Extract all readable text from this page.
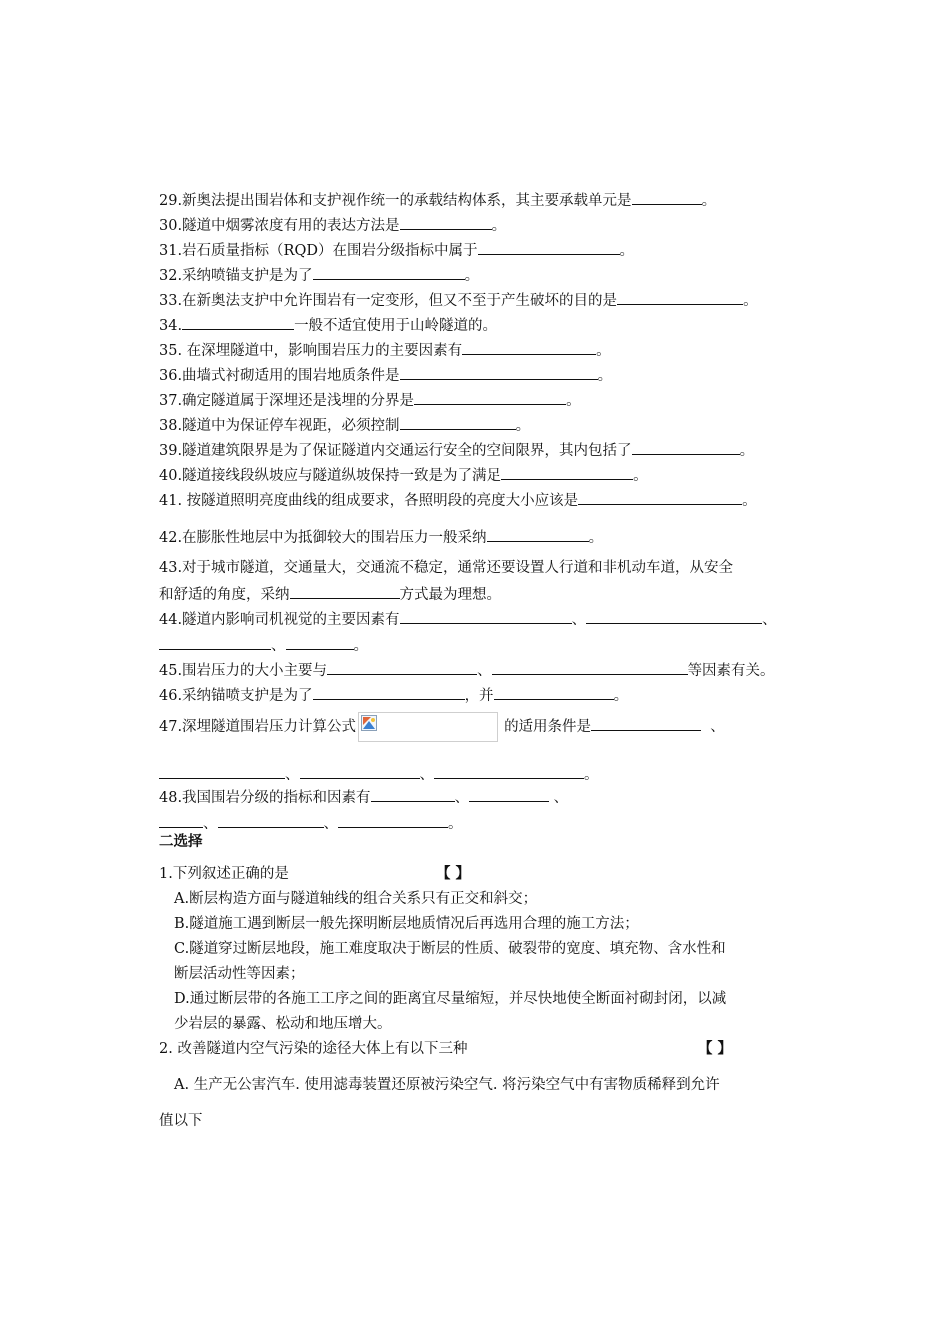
29.新奥法提出围岩体和支护视作统一的承载结构体系，其主要承载单元是	。
30.隧道中烟雾浓度有用的表达方法是	。
31.岩石质量指标（RQD）在围岩分级指标中属于	。
32.采纳喷锚支护是为了	。
33.在新奥法支护中允许围岩有一定变形，但又不至于产生破坏的目的是	。
34.	一般不适宜使用于山岭隧道的。
35. 在深埋隧道中，影响围岩压力的主要因素有	。
36.曲墙式衬砌适用的围岩地质条件是	。
37.确定隧道属于深埋还是浅埋的分界是	。
38.隧道中为保证停车视距，必须控制	。
39.隧道建筑限界是为了保证隧道内交通运行安全的空间限界，其内包括了	。
40.隧道接线段纵坡应与隧道纵坡保持一致是为了满足	。
41. 按隧道照明亮度曲线的组成要求，各照明段的亮度大小应该是	。
42.在膨胀性地层中为抵御较大的围岩压力一般采纳	。
43.对于城市隧道，交通量大，交通流不稳定，通常还要设置人行道和非机动车道，从安全
和舒适的角度，采纳	方式最为理想。
44.隧道内影响司机视觉的主要因素有	、	、
、	。
45.围岩压力的大小主要与	、	等因素有关。
46.采纳锚喷支护是为了	，并	。
47.深埋隧道围岩压力计算公式	的适用条件是	、
、	、	。
48.我国围岩分级的指标和因素有	、	、
、	、	。
二选择
1.下列叙述正确的是	【 】
A.断层构造方面与隧道轴线的组合关系只有正交和斜交；
B.隧道施工遇到断层一般先探明断层地质情况后再选用合理的施工方法；
C.隧道穿过断层地段，施工难度取决于断层的性质、破裂带的宽度、填充物、含水性和
断层活动性等因素；
D.通过断层带的各施工工序之间的距离宜尽量缩短，并尽快地使全断面衬砌封闭，以减
少岩层的暴露、松动和地压增大。
2. 改善隧道内空气污染的途径大体上有以下三种	【 】
A. 生产无公害汽车. 使用滤毒装置还原被污染空气. 将污染空气中有害物质稀释到允许
值以下
